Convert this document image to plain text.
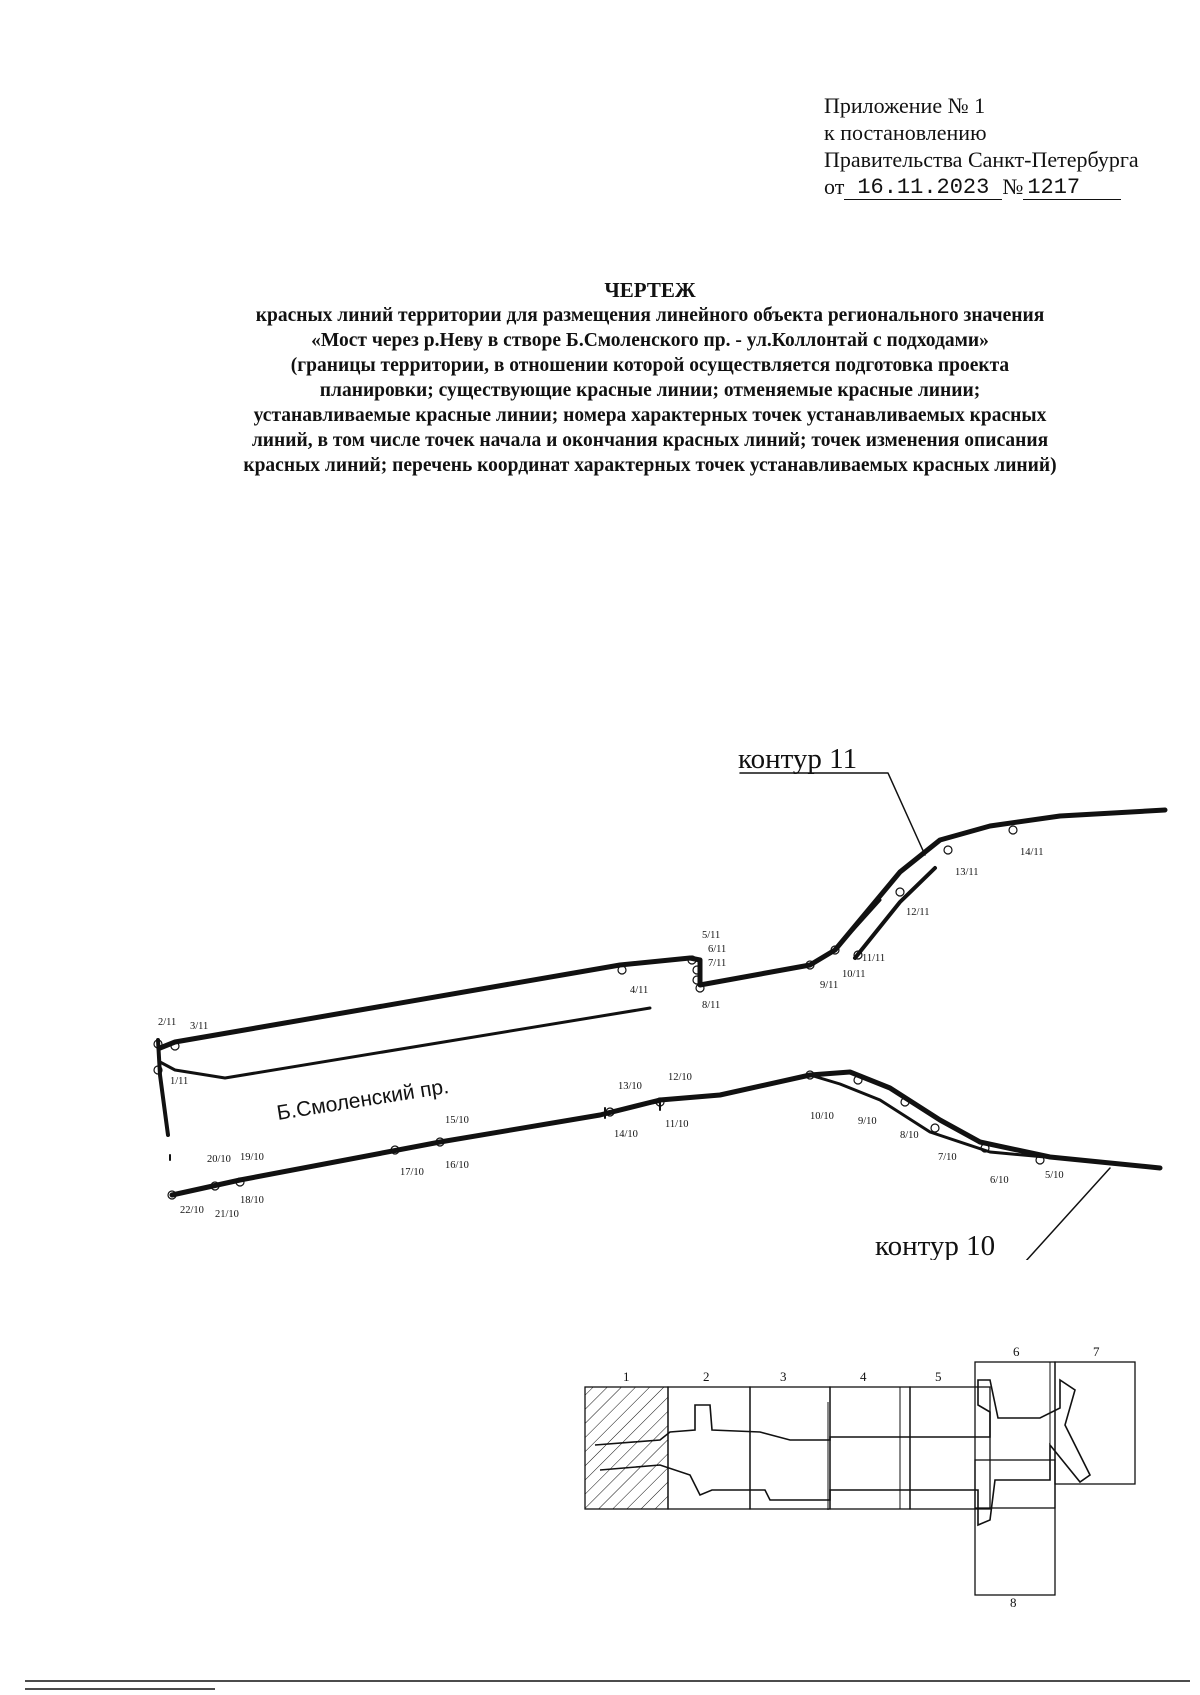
Приложение № 1
к постановлению
Правительства Санкт-Петербурга
от 16.11.2023 № 1217
ЧЕРТЕЖ
красных линий территории для размещения линейного объекта регионального значения
«Мост через р.Неву в створе Б.Смоленского пр. - ул.Коллонтай с подходами»
(границы территории, в отношении которой осуществляется подготовка проекта
планировки; существующие красные линии; отменяемые красные линии;
устанавливаемые красные линии; номера характерных точек устанавливаемых красных
линий, в том числе точек начала и окончания красных линий; точек изменения описания
красных линий; перечень координат характерных точек устанавливаемых красных линий)
контур 11
контур 10
Б.Смоленский пр.
1/11
2/11 3/11
4/11
5/11
6/11
7/11
8/11
9/11
10/11
11/11
12/11
13/11
14/11
5/10
6/10
7/10
8/10
9/10
10/10
11/10
12/10
13/10
14/10
15/10
16/10
17/10
18/10
19/10
20/10
21/10
22/10
1	2	3	4	5
6	7
8
